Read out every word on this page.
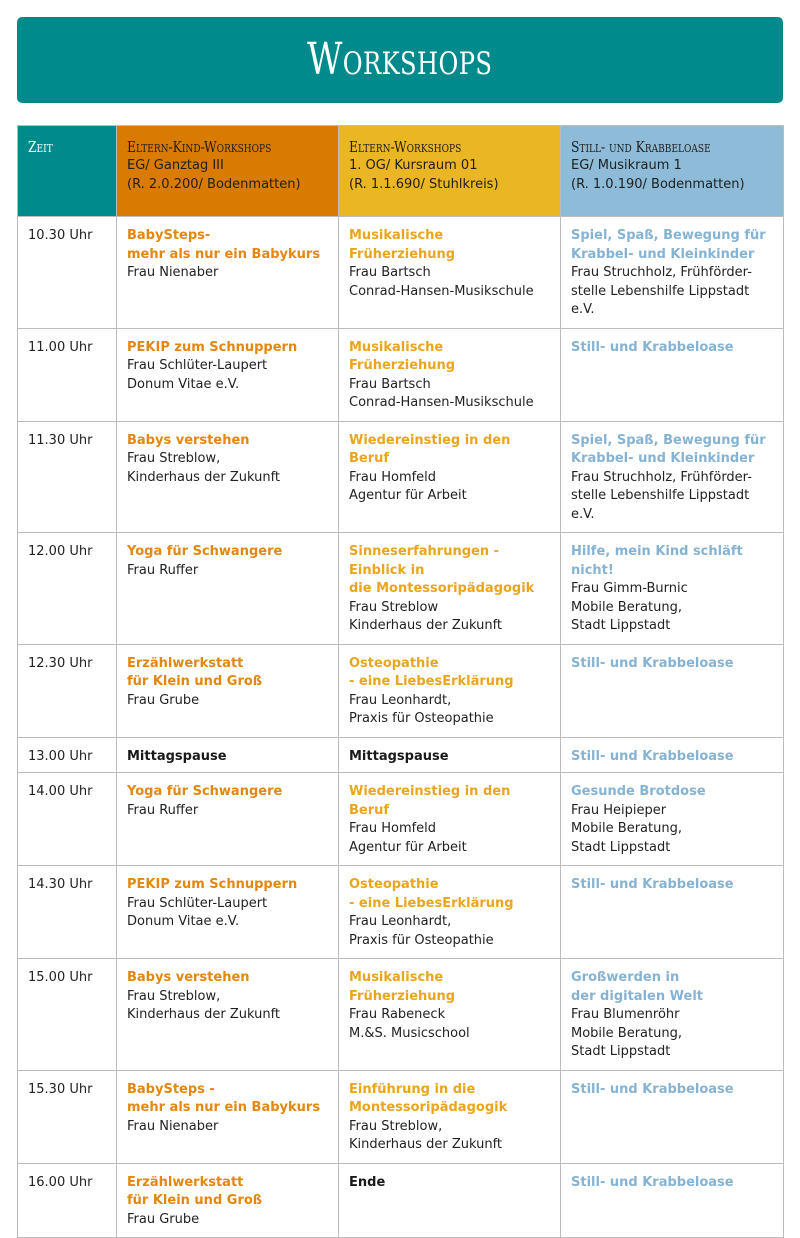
Workshops
Zeit	Eltern-Kind-Workshops
EG/ Ganztag III
(R. 2.0.200/ Bodenmatten)	Eltern-Workshops
1. OG/ Kursraum 01
(R. 1.1.690/ Stuhlkreis)	Still- und Krabbeloase
EG/ Musikraum 1
(R. 1.0.190/ Bodenmatten)

10.30 Uhr	BabySteps-
mehr als nur ein Babykurs
Frau Nienaber	Musikalische Früherziehung
Frau Bartsch
Conrad-Hansen-Musikschule	Spiel, Spaß, Bewegung für
Krabbel- und Kleinkinder
Frau Struchholz, Frühförder-
stelle Lebenshilfe Lippstadt e.V.

11.00 Uhr	PEKIP zum Schnuppern
Frau Schlüter-Laupert
Donum Vitae e.V.	Musikalische Früherziehung
Frau Bartsch
Conrad-Hansen-Musikschule	Still- und Krabbeloase

11.30 Uhr	Babys verstehen
Frau Streblow,
Kinderhaus der Zukunft	Wiedereinstieg in den Beruf
Frau Homfeld
Agentur für Arbeit	Spiel, Spaß, Bewegung für
Krabbel- und Kleinkinder
Frau Struchholz, Frühförder-
stelle Lebenshilfe Lippstadt e.V.

12.00 Uhr	Yoga für Schwangere
Frau Ruffer	Sinneserfahrungen - Einblick in
die Montessoripädagogik
Frau Streblow
Kinderhaus der Zukunft	Hilfe, mein Kind schläft nicht!
Frau Gimm-Burnic
Mobile Beratung,
Stadt Lippstadt

12.30 Uhr	Erzählwerkstatt
für Klein und Groß
Frau Grube	Osteopathie
- eine LiebesErklärung
Frau Leonhardt,
Praxis für Osteopathie	Still- und Krabbeloase

13.00 Uhr	Mittagspause	Mittagspause	Still- und Krabbeloase

14.00 Uhr	Yoga für Schwangere
Frau Ruffer	Wiedereinstieg in den Beruf
Frau Homfeld
Agentur für Arbeit	Gesunde Brotdose
Frau Heipieper
Mobile Beratung,
Stadt Lippstadt

14.30 Uhr	PEKIP zum Schnuppern
Frau Schlüter-Laupert
Donum Vitae e.V.	Osteopathie
- eine LiebesErklärung
Frau Leonhardt,
Praxis für Osteopathie	Still- und Krabbeloase

15.00 Uhr	Babys verstehen
Frau Streblow,
Kinderhaus der Zukunft	Musikalische Früherziehung
Frau Rabeneck
M.&S. Musicschool	Großwerden in
der digitalen Welt
Frau Blumenröhr
Mobile Beratung,
Stadt Lippstadt

15.30 Uhr	BabySteps -
mehr als nur ein Babykurs
Frau Nienaber	Einführung in die
Montessoripädagogik
Frau Streblow,
Kinderhaus der Zukunft	Still- und Krabbeloase

16.00 Uhr	Erzählwerkstatt
für Klein und Groß
Frau Grube	Ende	Still- und Krabbeloase
